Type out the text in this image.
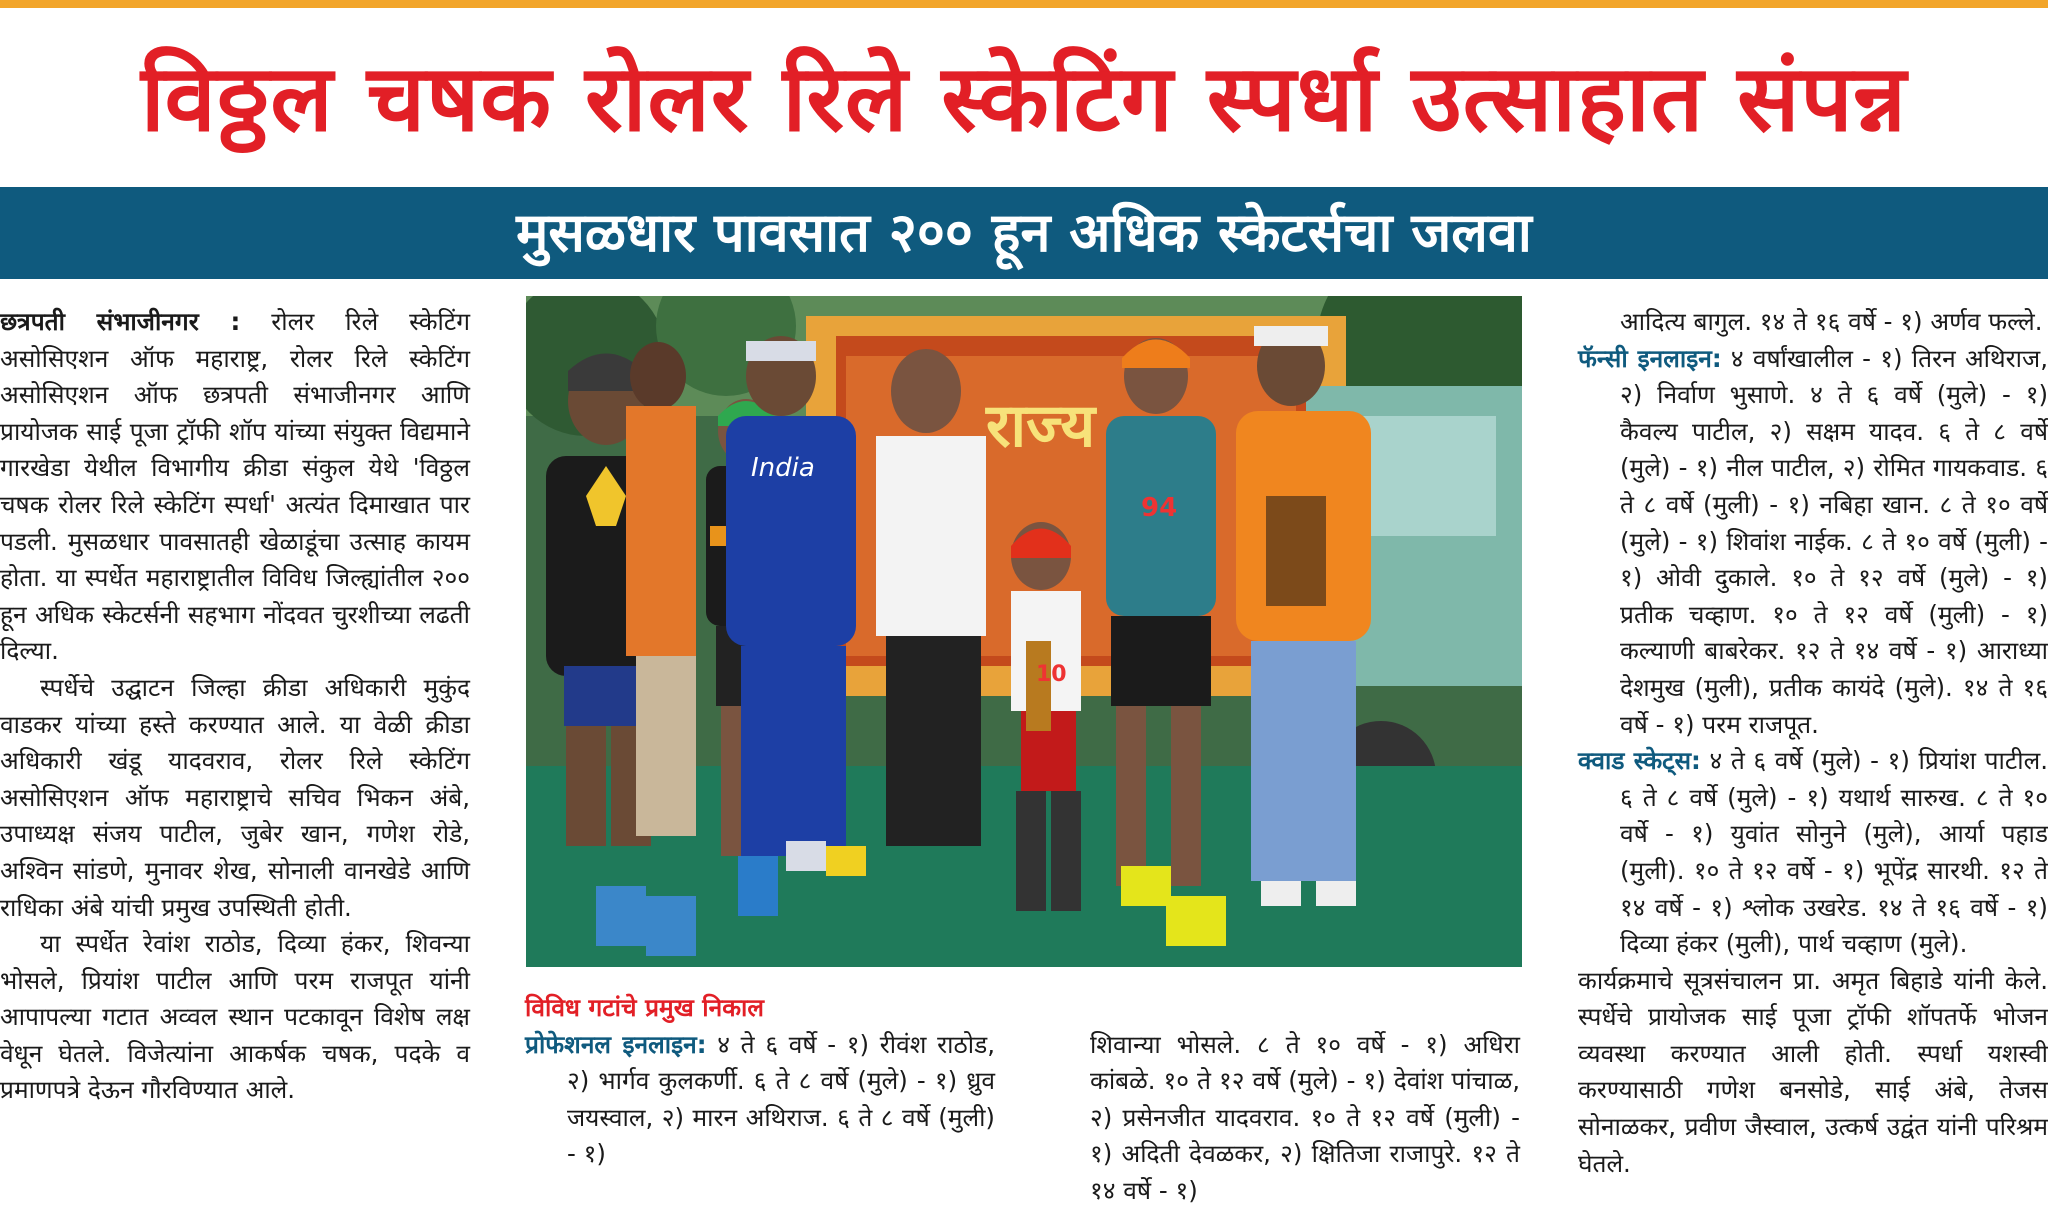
विठ्ठल चषक रोलर रिले स्केटिंग स्पर्धा उत्साहात संपन्न
मुसळधार पावसात २०० हून अधिक स्केटर्सचा जलवा

छत्रपती संभाजीनगर : रोलर रिले स्केटिंग असोसिएशन ऑफ महाराष्ट्र, रोलर रिले स्केटिंग असोसिएशन ऑफ छत्रपती संभाजीनगर आणि प्रायोजक साई पूजा ट्रॉफी शॉप यांच्या संयुक्त विद्यमाने गारखेडा येथील विभागीय क्रीडा संकुल येथे 'विठ्ठल चषक रोलर रिले स्केटिंग स्पर्धा' अत्यंत दिमाखात पार पडली. मुसळधार पावसातही खेळाडूंचा उत्साह कायम होता. या स्पर्धेत महाराष्ट्रातील विविध जिल्ह्यांतील २०० हून अधिक स्केटर्सनी सहभाग नोंदवत चुरशीच्या लढती दिल्या.

स्पर्धेचे उद्घाटन जिल्हा क्रीडा अधिकारी मुकुंद वाडकर यांच्या हस्ते करण्यात आले. या वेळी क्रीडा अधिकारी खंडू यादवराव, रोलर रिले स्केटिंग असोसिएशन ऑफ महाराष्ट्राचे सचिव भिकन अंबे, उपाध्यक्ष संजय पाटील, जुबेर खान, गणेश रोडे, अश्विन सांडणे, मुनावर शेख, सोनाली वानखेडे आणि राधिका अंबे यांची प्रमुख उपस्थिती होती.

या स्पर्धेत रेवांश राठोड, दिव्या हंकर, शिवन्या भोसले, प्रियांश पाटील आणि परम राजपूत यांनी आपापल्या गटात अव्वल स्थान पटकावून विशेष लक्ष वेधून घेतले. विजेत्यांना आकर्षक चषक, पदके व प्रमाणपत्रे देऊन गौरविण्यात आले.

राज्य
India
10
94

विविध गटांचे प्रमुख निकाल

प्रोफेशनल इनलाइन: ४ ते ६ वर्षे - १) रीवंश राठोड, २) भार्गव कुलकर्णी. ६ ते ८ वर्षे (मुले) - १) ध्रुव जयस्वाल, २) मारन अथिराज. ६ ते ८ वर्षे (मुली) - १)

शिवान्या भोसले. ८ ते १० वर्षे - १) अधिरा कांबळे. १० ते १२ वर्षे (मुले) - १) देवांश पांचाळ, २) प्रसेनजीत यादवराव. १० ते १२ वर्षे (मुली) - १) अदिती देवळकर, २) क्षितिजा राजापुरे. १२ ते १४ वर्षे - १)

आदित्य बागुल. १४ ते १६ वर्षे - १) अर्णव फल्ले.

फॅन्सी इनलाइन: ४ वर्षांखालील - १) तिरन अथिराज, २) निर्वाण भुसाणे. ४ ते ६ वर्षे (मुले) - १) कैवल्य पाटील, २) सक्षम यादव. ६ ते ८ वर्षे (मुले) - १) नील पाटील, २) रोमित गायकवाड. ६ ते ८ वर्षे (मुली) - १) नबिहा खान. ८ ते १० वर्षे (मुले) - १) शिवांश नाईक. ८ ते १० वर्षे (मुली) - १) ओवी दुकाले. १० ते १२ वर्षे (मुले) - १) प्रतीक चव्हाण. १० ते १२ वर्षे (मुली) - १) कल्याणी बाबरेकर. १२ ते १४ वर्षे - १) आराध्या देशमुख (मुली), प्रतीक कायंदे (मुले). १४ ते १६ वर्षे - १) परम राजपूत.

क्वाड स्केट्स: ४ ते ६ वर्षे (मुले) - १) प्रियांश पाटील. ६ ते ८ वर्षे (मुले) - १) यथार्थ सारुख. ८ ते १० वर्षे - १) युवांत सोनुने (मुले), आर्या पहाड (मुली). १० ते १२ वर्षे - १) भूपेंद्र सारथी. १२ ते १४ वर्षे - १) श्लोक उखरेड. १४ ते १६ वर्षे - १) दिव्या हंकर (मुली), पार्थ चव्हाण (मुले).

कार्यक्रमाचे सूत्रसंचालन प्रा. अमृत बिहाडे यांनी केले. स्पर्धेचे प्रायोजक साई पूजा ट्रॉफी शॉपतर्फे भोजन व्यवस्था करण्यात आली होती. स्पर्धा यशस्वी करण्यासाठी गणेश बनसोडे, साई अंबे, तेजस सोनाळकर, प्रवीण जैस्वाल, उत्कर्ष उद्वंत यांनी परिश्रम घेतले.
